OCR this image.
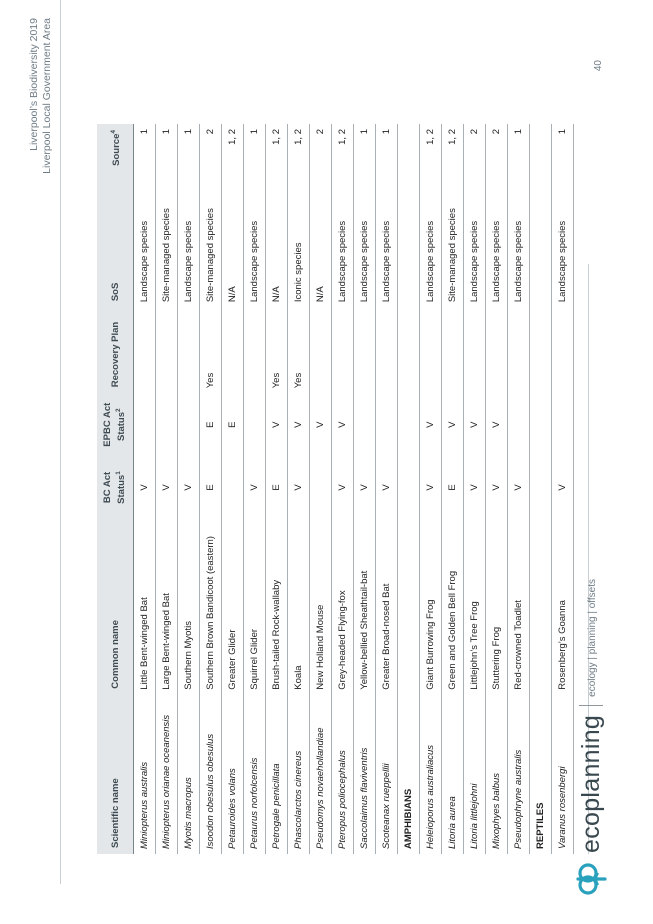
Liverpool’s Biodiversity 2019 Liverpool Local Government Area
Scientific name	Common name	BC Act Status$^1$	EPBC Act Status$^2$	Recovery Plan	SoS	Source$^4$
Miniopterus australis	Little Bent-winged Bat	V			Landscape species	1
Miniopterus orianae oceanensis	Large Bent-winged Bat	V			Site-managed species	1
Myotis macropus	Southern Myotis	V			Landscape species	1
Isoodon obesulus obesulus	Southern Brown Bandicoot (eastern)	E	E	Yes	Site-managed species	2
Petauroides volans	Greater Glider		E		N/A	1, 2
Petaurus norfolcensis	Squirrel Glider	V			Landscape species	1
Petrogale penicillata	Brush-tailed Rock-wallaby	E	V	Yes	N/A	1, 2
Phascolarctos cinereus	Koala	V	V	Yes	Iconic species	1, 2
Pseudomys novaehollandiae	New Holland Mouse		V		N/A	2
Pteropus poliocephalus	Grey-headed Flying-fox	V	V		Landscape species	1, 2
Saccolaimus flaviventris	Yellow-bellied Sheathtail-bat	V			Landscape species	1
Scoteanax rueppellii	Greater Broad-nosed Bat	V			Landscape species	1
AMPHIBIANS						
Heleioporus australiacus	Giant Burrowing Frog	V	V		Landscape species	1, 2
Litoria aurea	Green and Golden Bell Frog	E	V		Site-managed species	1, 2
Litoria littlejohni	Littlejohn’s Tree Frog	V	V		Landscape species	2
Mixophyes balbus	Stuttering Frog	V	V		Landscape species	2
Pseudophryne australis	Red-crowned Toadlet	V			Landscape species	1
REPTILES						
Varanus rosenbergi	Rosenberg’s Goanna	V			Landscape species	1
ecoplanning
ecology | planning | offsets
40
